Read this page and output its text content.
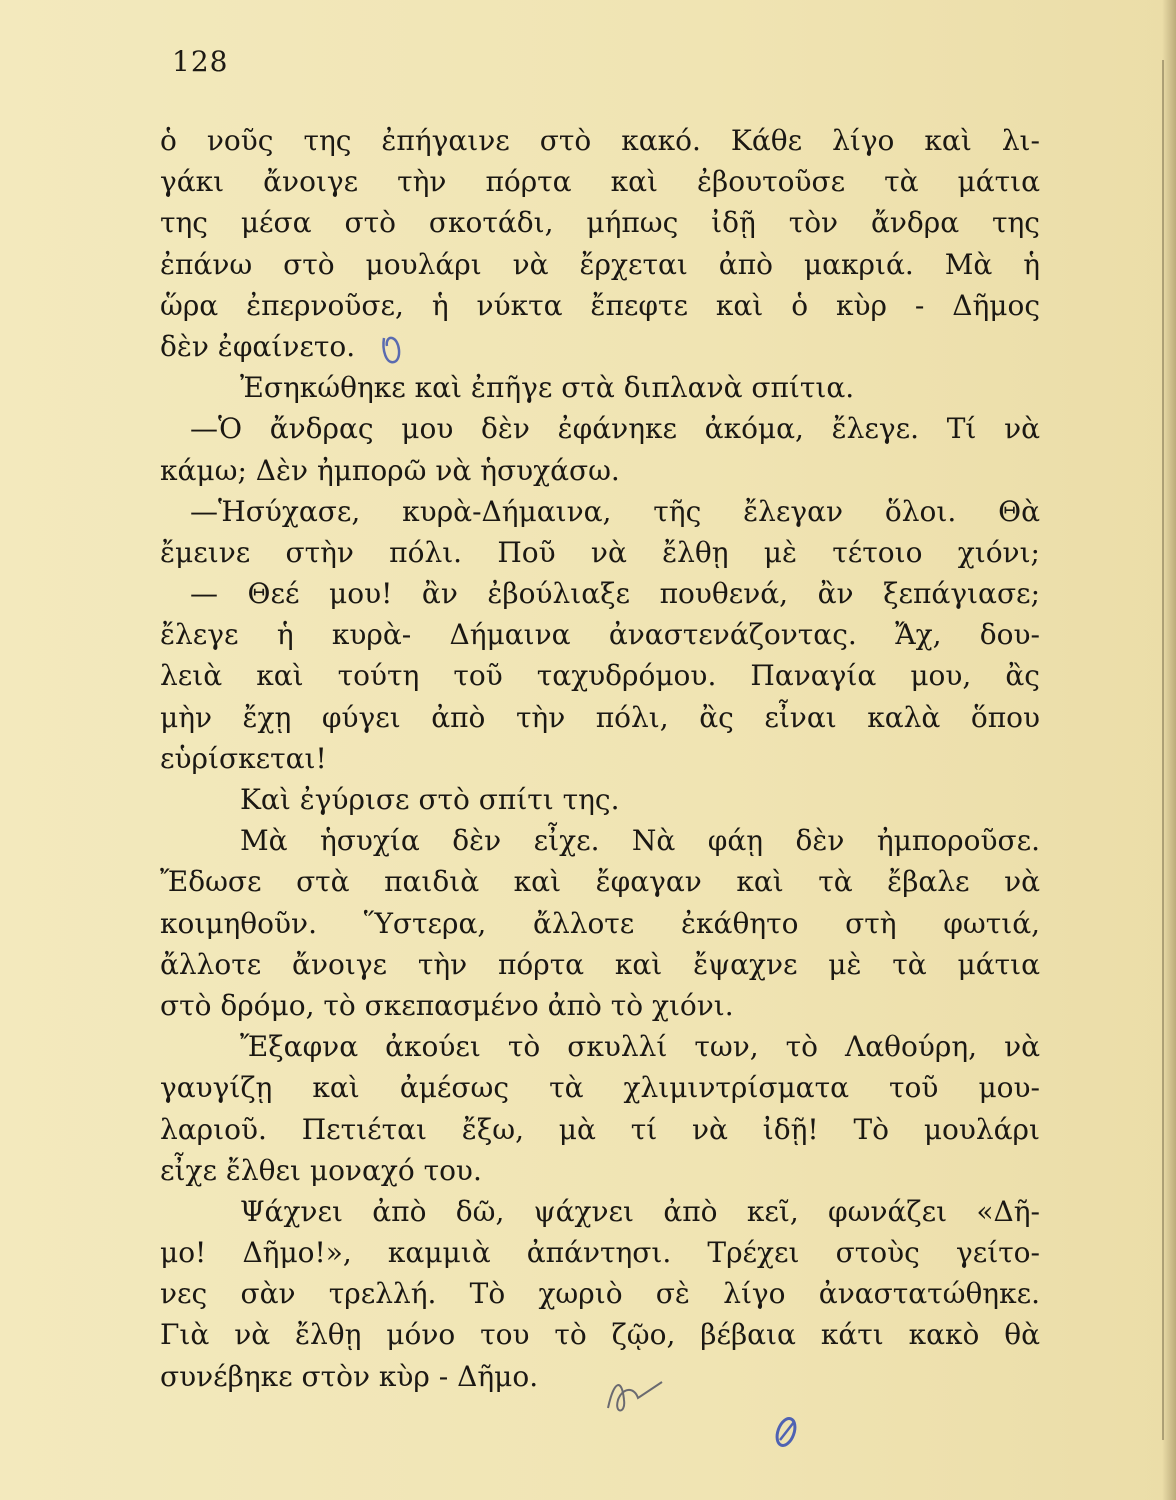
128
ὁ νοῦς της ἐπήγαινε στὸ κακό. Κάθε λίγο καὶ λι-
γάκι ἄνοιγε τὴν πόρτα καὶ ἐβουτοῦσε τὰ μάτια
της μέσα στὸ σκοτάδι, μήπως ἰδῇ τὸν ἄνδρα της
ἐπάνω στὸ μουλάρι νὰ ἔρχεται ἀπὸ μακριά. Μὰ ἡ
ὥρα ἐπερνοῦσε, ἡ νύκτα ἔπεφτε καὶ ὁ κὺρ - Δῆμος
δὲν ἐφαίνετο.
Ἐσηκώθηκε καὶ ἐπῆγε στὰ διπλανὰ σπίτια.
—Ὁ ἄνδρας μου δὲν ἐφάνηκε ἀκόμα, ἔλεγε. Τί νὰ
κάμω; Δὲν ἠμπορῶ νὰ ἡσυχάσω.
—Ἡσύχασε, κυρὰ-Δήμαινα, τῆς ἔλεγαν ὅλοι. Θὰ
ἔμεινε στὴν πόλι. Ποῦ νὰ ἔλθῃ μὲ τέτοιο χιόνι;
— Θεέ μου! ἂν ἐβούλιαξε πουθενά, ἂν ξεπάγιασε;
ἔλεγε ἡ κυρὰ- Δήμαινα ἀναστενάζοντας. Ἄχ, δου-
λειὰ καὶ τούτη τοῦ ταχυδρόμου. Παναγία μου, ἂς
μὴν ἔχῃ φύγει ἀπὸ τὴν πόλι, ἂς εἶναι καλὰ ὅπου
εὑρίσκεται!
Καὶ ἐγύρισε στὸ σπίτι της.
Μὰ ἡσυχία δὲν εἶχε. Νὰ φάῃ δὲν ἠμποροῦσε.
Ἔδωσε στὰ παιδιὰ καὶ ἔφαγαν καὶ τὰ ἔβαλε νὰ
κοιμηθοῦν. Ὕστερα, ἄλλοτε ἐκάθητο στὴ φωτιά,
ἄλλοτε ἄνοιγε τὴν πόρτα καὶ ἔψαχνε μὲ τὰ μάτια
στὸ δρόμο, τὸ σκεπασμένο ἀπὸ τὸ χιόνι.
Ἔξαφνα ἀκούει τὸ σκυλλί των, τὸ Λαθούρη, νὰ
γαυγίζῃ καὶ ἀμέσως τὰ χλιμιντρίσματα τοῦ μου-
λαριοῦ. Πετιέται ἔξω, μὰ τί νὰ ἰδῇ! Τὸ μουλάρι
εἶχε ἔλθει μοναχό του.
Ψάχνει ἀπὸ δῶ, ψάχνει ἀπὸ κεῖ, φωνάζει «Δῆ-
μο! Δῆμο!», καμμιὰ ἀπάντησι. Τρέχει στοὺς γείτο-
νες σὰν τρελλή. Τὸ χωριὸ σὲ λίγο ἀναστατώθηκε.
Γιὰ νὰ ἔλθῃ μόνο του τὸ ζῷο, βέβαια κάτι κακὸ θὰ
συνέβηκε στὸν κὺρ - Δῆμο.
